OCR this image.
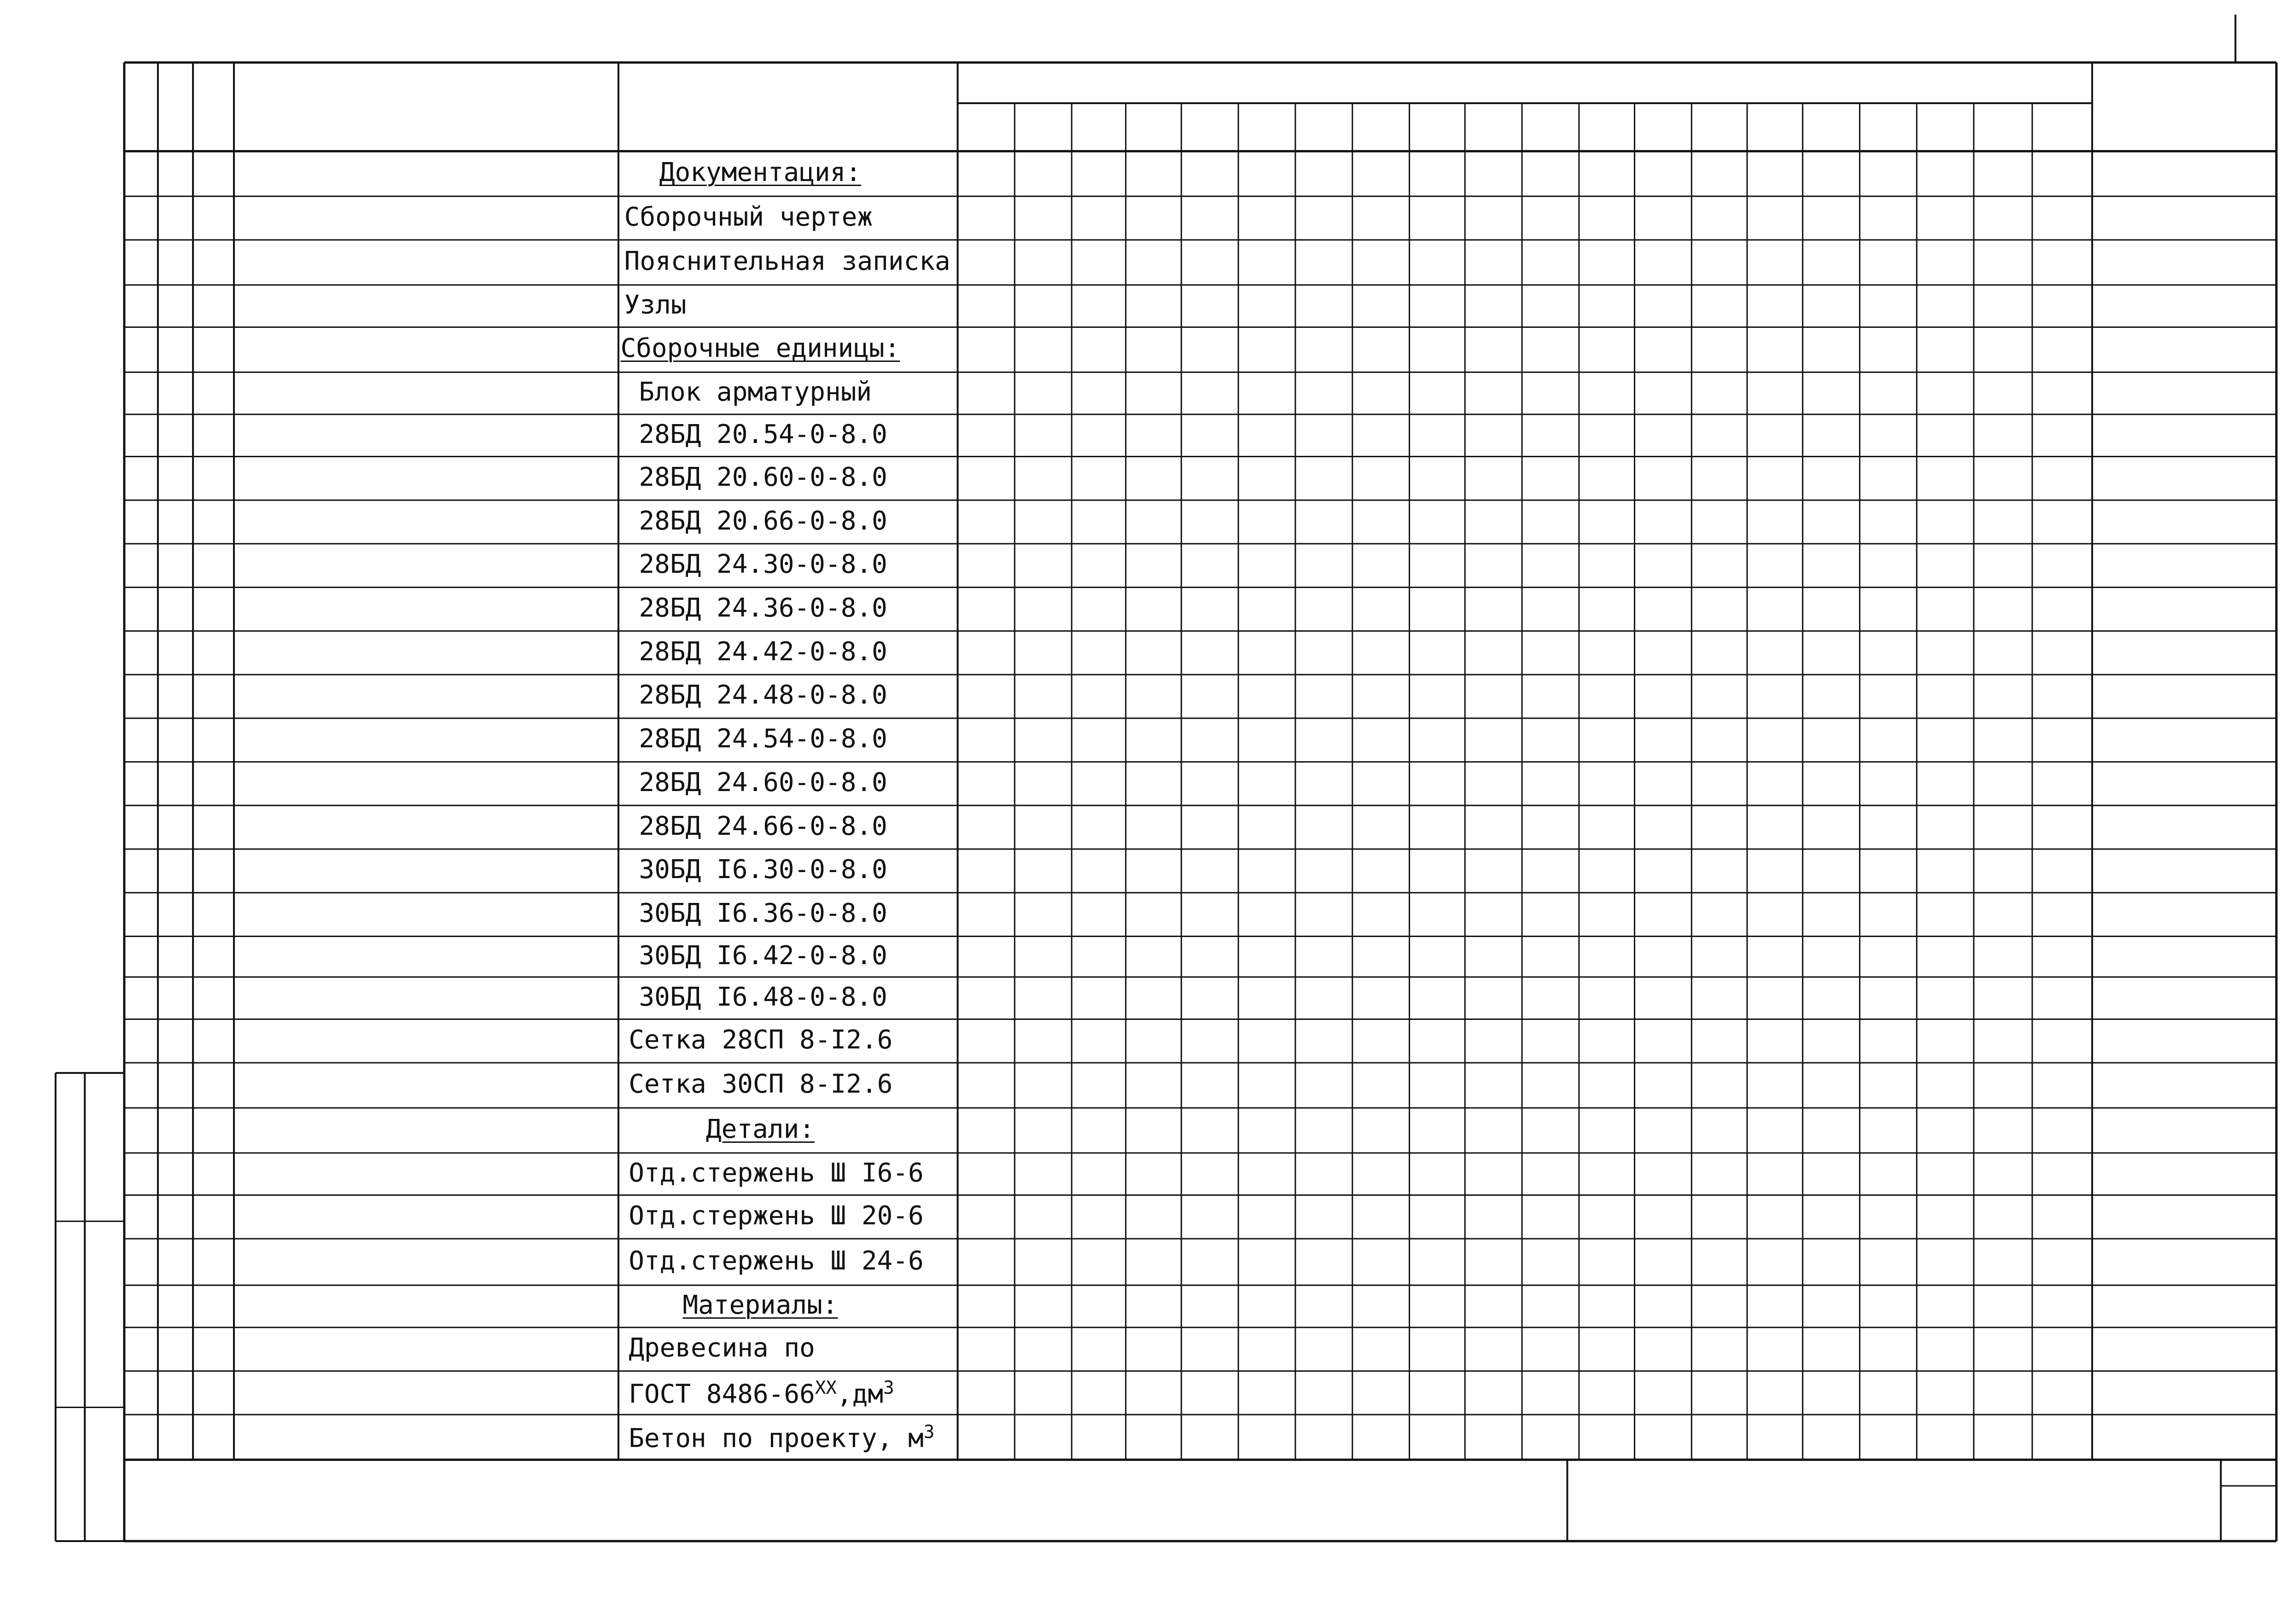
Документация:
Сборочный чертеж
Пояснительная записка
Узлы
Сборочные единицы:
Блок арматурный
28БД 20.54-0-8.0
28БД 20.60-0-8.0
28БД 20.66-0-8.0
28БД 24.30-0-8.0
28БД 24.36-0-8.0
28БД 24.42-0-8.0
28БД 24.48-0-8.0
28БД 24.54-0-8.0
28БД 24.60-0-8.0
28БД 24.66-0-8.0
30БД I6.30-0-8.0
30БД I6.36-0-8.0
30БД I6.42-0-8.0
30БД I6.48-0-8.0
Сетка 28СП 8-I2.6
Сетка 30СП 8-I2.6
Детали:
Отд.стержень Ш I6-6
Отд.стержень Ш 20-6
Отд.стержень Ш 24-6
Материалы:
Древесина по
ГОСТ $8486-66^{ХХ},дм^3$
Бетон по проекту, $м^3$
